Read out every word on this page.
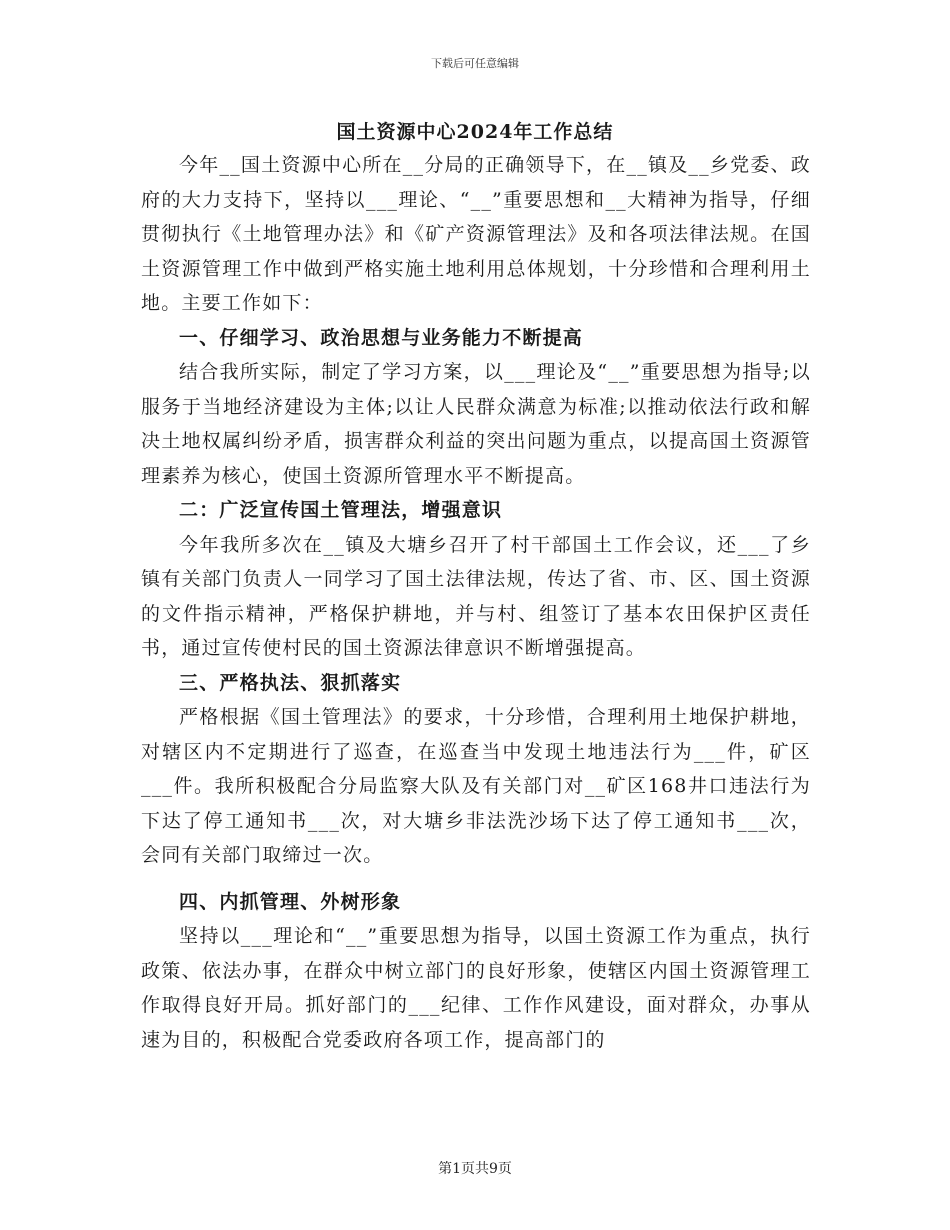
下载后可任意编辑
国土资源中心2024年工作总结

今年__国土资源中心所在__分局的正确领导下，在__镇及__乡党委、政府的大力支持下，坚持以___理论、“__”重要思想和__大精神为指导，仔细贯彻执行《土地管理办法》和《矿产资源管理法》及和各项法律法规。在国土资源管理工作中做到严格实施土地利用总体规划，十分珍惜和合理利用土地。主要工作如下：

一、仔细学习、政治思想与业务能力不断提高

结合我所实际，制定了学习方案，以___理论及“__”重要思想为指导;以服务于当地经济建设为主体;以让人民群众满意为标准;以推动依法行政和解决土地权属纠纷矛盾，损害群众利益的突出问题为重点，以提高国土资源管理素养为核心，使国土资源所管理水平不断提高。

二：广泛宣传国土管理法，增强意识

今年我所多次在__镇及大塘乡召开了村干部国土工作会议，还___了乡镇有关部门负责人一同学习了国土法律法规，传达了省、市、区、国土资源的文件指示精神，严格保护耕地，并与村、组签订了基本农田保护区责任书，通过宣传使村民的国土资源法律意识不断增强提高。

三、严格执法、狠抓落实

严格根据《国土管理法》的要求，十分珍惜，合理利用土地保护耕地，对辖区内不定期进行了巡查，在巡查当中发现土地违法行为___件，矿区___件。我所积极配合分局监察大队及有关部门对__矿区168井口违法行为下达了停工通知书___次，对大塘乡非法洗沙场下达了停工通知书___次，会同有关部门取缔过一次。

四、内抓管理、外树形象

坚持以___理论和“__”重要思想为指导，以国土资源工作为重点，执行政策、依法办事，在群众中树立部门的良好形象，使辖区内国土资源管理工作取得良好开局。抓好部门的___纪律、工作作风建设，面对群众，办事从速为目的，积极配合党委政府各项工作，提高部门的

第1页共9页
